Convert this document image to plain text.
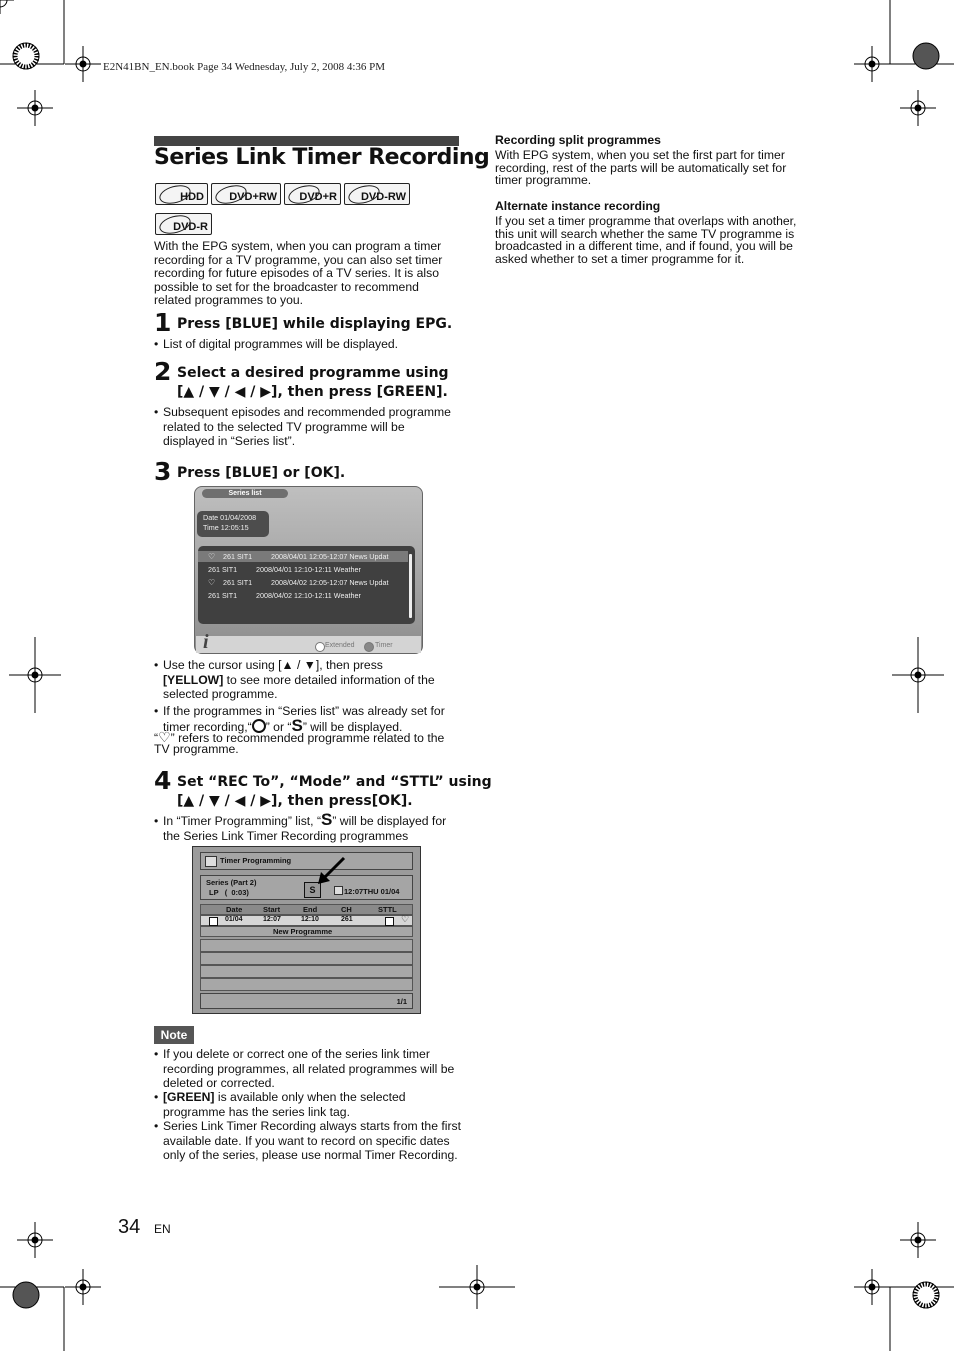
E2N41BN_EN.book Page 34 Wednesday, July 2, 2008 4:36 PM
Series Link Timer Recording
HDD DVD+RW DVD+R DVD-RW
DVD-R
With the EPG system, when you can program a timer recording for a TV programme, you can also set timer recording for future episodes of a TV series. It is also possible to set for the broadcaster to recommend related programmes to you.
1 Press [BLUE] while displaying EPG.
• List of digital programmes will be displayed.
2 Select a desired programme using
[▲ / ▼ / ◀ / ▶], then press [GREEN].
• Subsequent episodes and recommended programme related to the selected TV programme will be displayed in “Series list”.
3 Press [BLUE] or [OK].
Series list
Date 01/04/2008
Time 12:05:15
♡ 261 SIT1	2008/04/01 12:05-12:07 News Updat
261 SIT1	2008/04/01 12:10-12:11 Weather
♡ 261 SIT1	2008/04/02 12:05-12:07 News Updat
261 SIT1	2008/04/02 12:10-12:11 Weather
i	Extended	Timer
• Use the cursor using [▲ / ▼], then press
[YELLOW] to see more detailed information of the selected programme.
• If the programmes in “Series list” was already set for timer recording,“ ” or “S” will be displayed.
“♡” refers to recommended programme related to the TV programme.
4 Set “REC To”, “Mode” and “STTL” using
[▲ / ▼ / ◀ / ▶], then press[OK].
• In “Timer Programming” list, “S” will be displayed for the Series Link Timer Recording programmes
Timer Programming
Series (Part 2)
LP   (  0:03)	S	12:07THU 01/04
Date	Start	End	CH	STTL
01/04	12:07	12:10	261	♡
New Programme
1/1
Note
• If you delete or correct one of the series link timer recording programmes, all related programmes will be deleted or corrected.
• [GREEN] is available only when the selected programme has the series link tag.
• Series Link Timer Recording always starts from the first available date. If you want to record on specific dates only of the series, please use normal Timer Recording.
34 EN
Recording split programmes
With EPG system, when you set the first part for timer recording, rest of the parts will be automatically set for timer programme.
Alternate instance recording
If you set a timer programme that overlaps with another, this unit will search whether the same TV programme is broadcasted in a different time, and if found, you will be asked whether to set a timer programme for it.
